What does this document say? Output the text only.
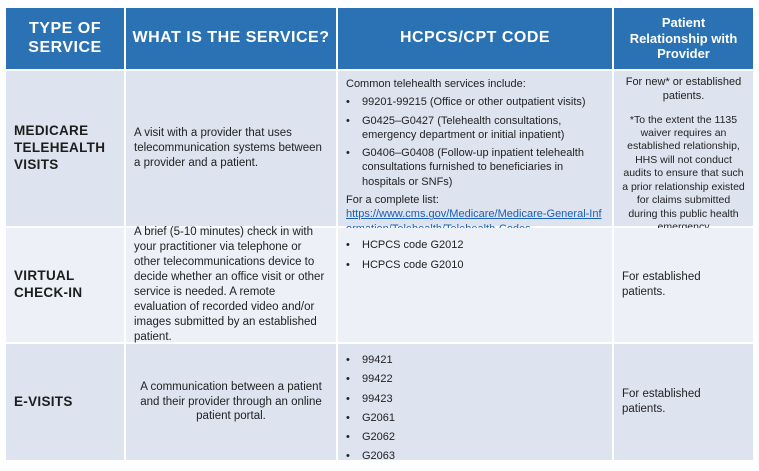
TYPE OF SERVICE
WHAT IS THE SERVICE?	HCPCS/CPT CODE
Patient Relationship with Provider
MEDICARE TELEHEALTH VISITS
A visit with a provider that uses telecommunication systems between a provider and a patient.
Common telehealth services include:
• 99201-99215 (Office or other outpatient visits)
• G0425–G0427 (Telehealth consultations, emergency department or initial inpatient)
• G0406–G0408 (Follow-up inpatient telehealth consultations furnished to beneficiaries in hospitals or SNFs)
For a complete list:
https://www.cms.gov/Medicare/Medicare-General-Inf
For new* or established patients.
*To the extent the 1135 waiver requires an established relationship, HHS will not conduct audits to ensure that such a prior relationship existed for claims submitted during this public health
VIRTUAL CHECK-IN
A brief (5-10 minutes) check in with your practitioner via telephone or other telecommunications device to decide whether an office visit or other service is needed. A remote evaluation of recorded video and/or images submitted by an established patient.
• HCPCS code G2012
• HCPCS code G2010
For established patients.
E-VISITS
A communication between a patient and their provider through an online patient portal.
• 99421
• 99422
• 99423
• G2061
• G2062
• G2063
For established patients.
